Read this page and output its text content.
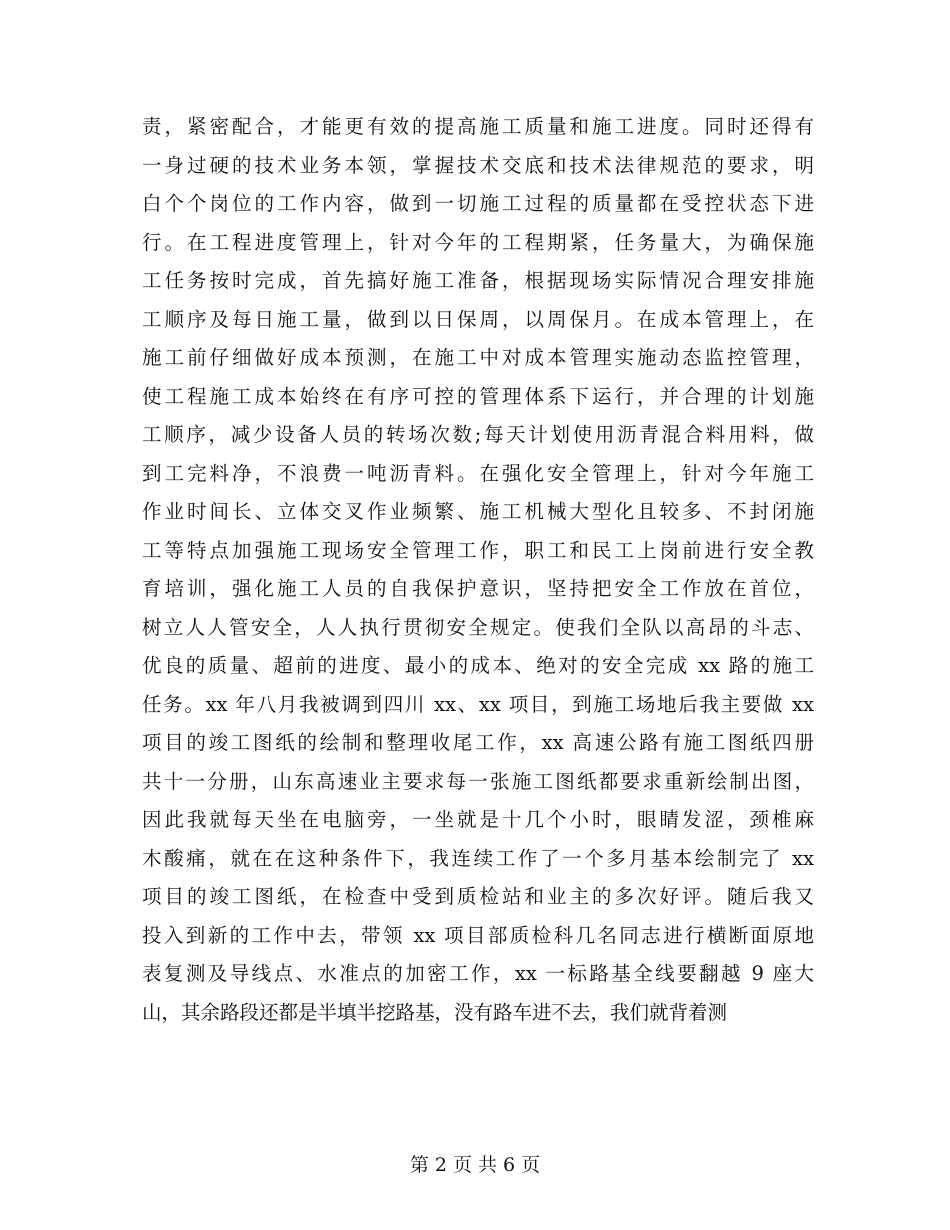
责，紧密配合，才能更有效的提高施工质量和施工进度。同时还得有
一身过硬的技术业务本领，掌握技术交底和技术法律规范的要求，明
白个个岗位的工作内容，做到一切施工过程的质量都在受控状态下进
行。在工程进度管理上，针对今年的工程期紧，任务量大，为确保施
工任务按时完成，首先搞好施工准备，根据现场实际情况合理安排施
工顺序及每日施工量，做到以日保周，以周保月。在成本管理上，在
施工前仔细做好成本预测，在施工中对成本管理实施动态监控管理，
使工程施工成本始终在有序可控的管理体系下运行，并合理的计划施
工顺序，减少设备人员的转场次数;每天计划使用沥青混合料用料，做
到工完料净，不浪费一吨沥青料。在强化安全管理上，针对今年施工
作业时间长、立体交叉作业频繁、施工机械大型化且较多、不封闭施
工等特点加强施工现场安全管理工作，职工和民工上岗前进行安全教
育培训，强化施工人员的自我保护意识，坚持把安全工作放在首位，
树立人人管安全，人人执行贯彻安全规定。使我们全队以高昂的斗志、
优良的质量、超前的进度、最小的成本、绝对的安全完成 xx 路的施工
任务。xx 年八月我被调到四川 xx、xx 项目，到施工场地后我主要做 xx
项目的竣工图纸的绘制和整理收尾工作，xx 高速公路有施工图纸四册
共十一分册，山东高速业主要求每一张施工图纸都要求重新绘制出图，
因此我就每天坐在电脑旁，一坐就是十几个小时，眼睛发涩，颈椎麻
木酸痛，就在在这种条件下，我连续工作了一个多月基本绘制完了 xx
项目的竣工图纸，在检查中受到质检站和业主的多次好评。随后我又
投入到新的工作中去，带领 xx 项目部质检科几名同志进行横断面原地
表复测及导线点、水准点的加密工作，xx 一标路基全线要翻越 9 座大
山，其余路段还都是半填半挖路基，没有路车进不去，我们就背着测
第 2 页 共 6 页
